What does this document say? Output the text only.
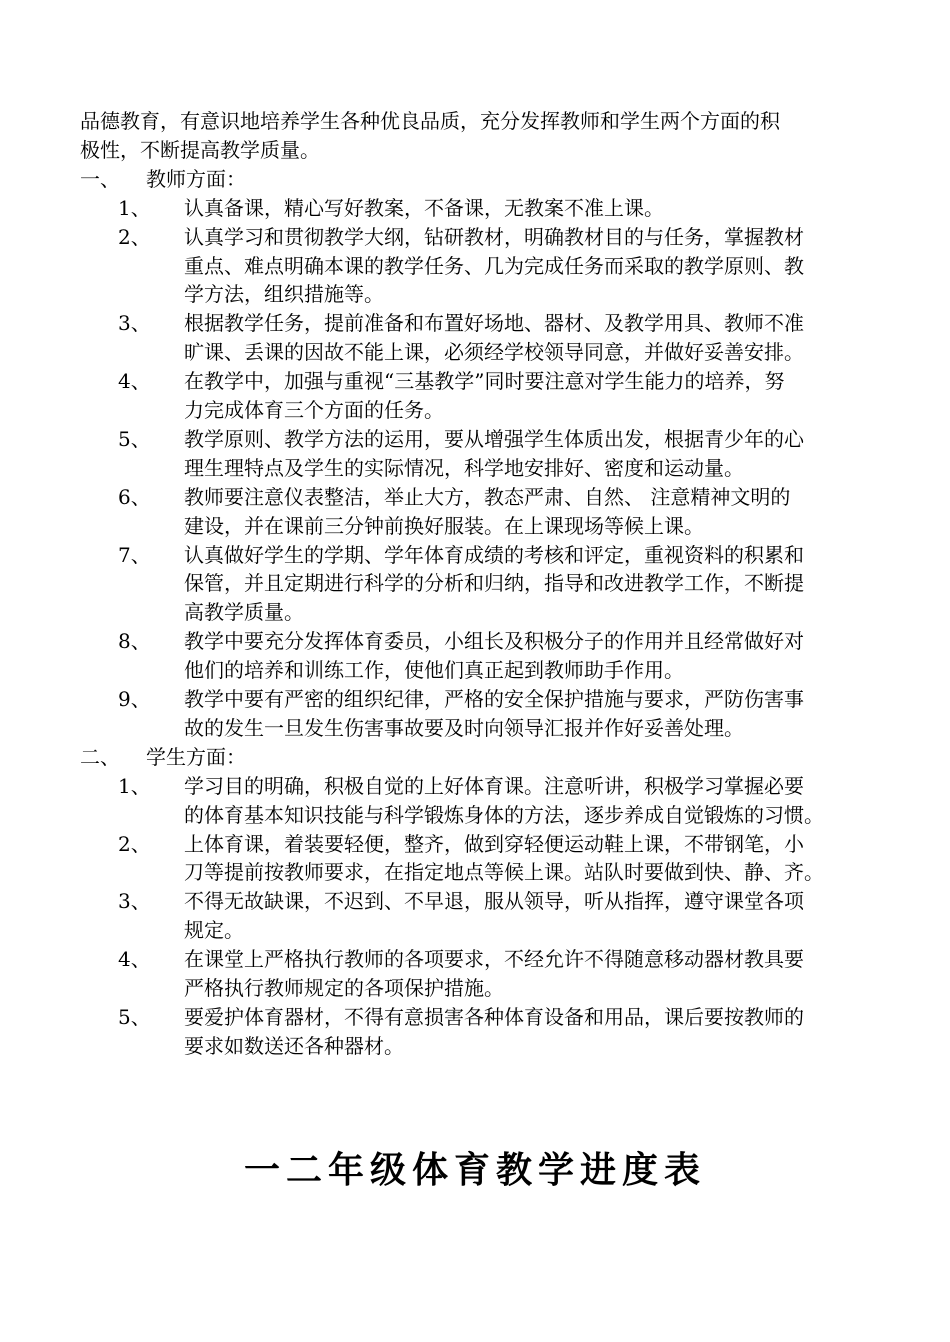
一二年级体育教学进度表
品德教育，有意识地培养学生各种优良品质，充分发挥教师和学生两个方面的积
极性，不断提高教学质量。
一、 教师方面：
1、 认真备课，精心写好教案，不备课，无教案不准上课。
2、 认真学习和贯彻教学大纲，钻研教材，明确教材目的与任务，掌握教材
重点、难点明确本课的教学任务、几为完成任务而采取的教学原则、教
学方法，组织措施等。
3、 根据教学任务，提前准备和布置好场地、器材、及教学用具、教师不准
旷课、丢课的因故不能上课，必须经学校领导同意，并做好妥善安排。
4、 在教学中，加强与重视“三基教学”同时要注意对学生能力的培养，努
力完成体育三个方面的任务。
5、 教学原则、教学方法的运用，要从增强学生体质出发，根据青少年的心
理生理特点及学生的实际情况，科学地安排好、密度和运动量。
6、 教师要注意仪表整洁，举止大方，教态严肃、自然、 注意精神文明的
建设，并在课前三分钟前换好服装。在上课现场等候上课。
7、 认真做好学生的学期、学年体育成绩的考核和评定，重视资料的积累和
保管，并且定期进行科学的分析和归纳，指导和改进教学工作，不断提
高教学质量。
8、 教学中要充分发挥体育委员，小组长及积极分子的作用并且经常做好对
他们的培养和训练工作，使他们真正起到教师助手作用。
9、 教学中要有严密的组织纪律，严格的安全保护措施与要求，严防伤害事
故的发生一旦发生伤害事故要及时向领导汇报并作好妥善处理。
二、 学生方面：
1、 学习目的明确，积极自觉的上好体育课。注意听讲，积极学习掌握必要
的体育基本知识技能与科学锻炼身体的方法，逐步养成自觉锻炼的习惯。
2、 上体育课，着装要轻便，整齐，做到穿轻便运动鞋上课，不带钢笔，小
刀等提前按教师要求，在指定地点等候上课。站队时要做到快、静、齐。
3、 不得无故缺课，不迟到、不早退，服从领导，听从指挥，遵守课堂各项
规定。
4、 在课堂上严格执行教师的各项要求，不经允许不得随意移动器材教具要
严格执行教师规定的各项保护措施。
5、 要爱护体育器材，不得有意损害各种体育设备和用品，课后要按教师的
要求如数送还各种器材。
